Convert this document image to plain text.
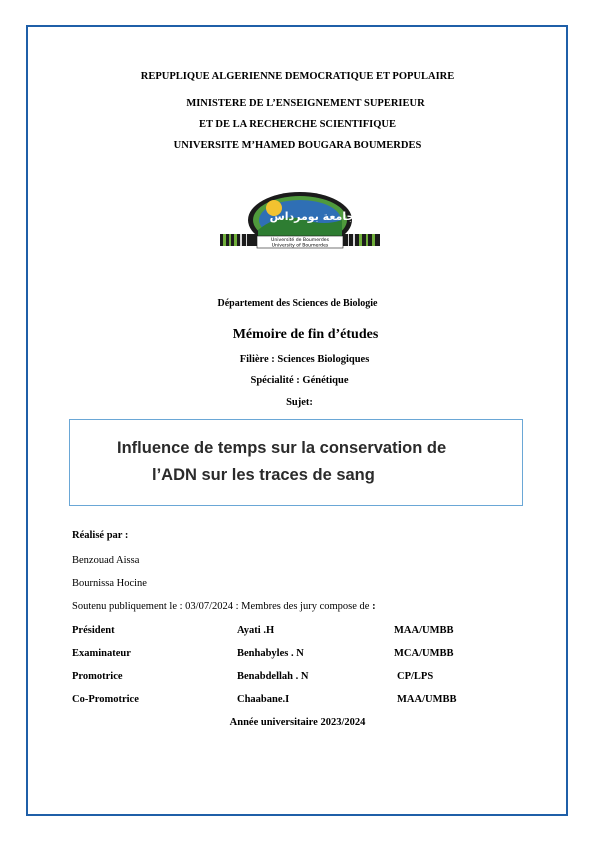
REPUPLIQUE ALGERIENNE DEMOCRATIQUE ET POPULAIRE
MINISTERE DE L’ENSEIGNEMENT SUPERIEUR
ET DE LA RECHERCHE SCIENTIFIQUE
UNIVERSITE M’HAMED BOUGARA BOUMERDES
Université de Boumerdes
University of Boumerdes
جامعة بومرداس
Département des Sciences de Biologie
Mémoire de fin d’études
Filière : Sciences Biologiques
Spécialité : Génétique
Sujet:
Influence de temps sur la conservation de
l’ADN sur les traces de sang
Réalisé par :
Benzouad Aissa
Bournissa Hocine
Soutenu publiquement le : 03/07/2024 : Membres des jury compose de :
Président	Ayati .H	MAA/UMBB
Examinateur	Benhabyles . N	MCA/UMBB
Promotrice	Benabdellah . N	CP/LPS
Co-Promotrice	Chaabane.I	MAA/UMBB
Année universitaire 2023/2024
